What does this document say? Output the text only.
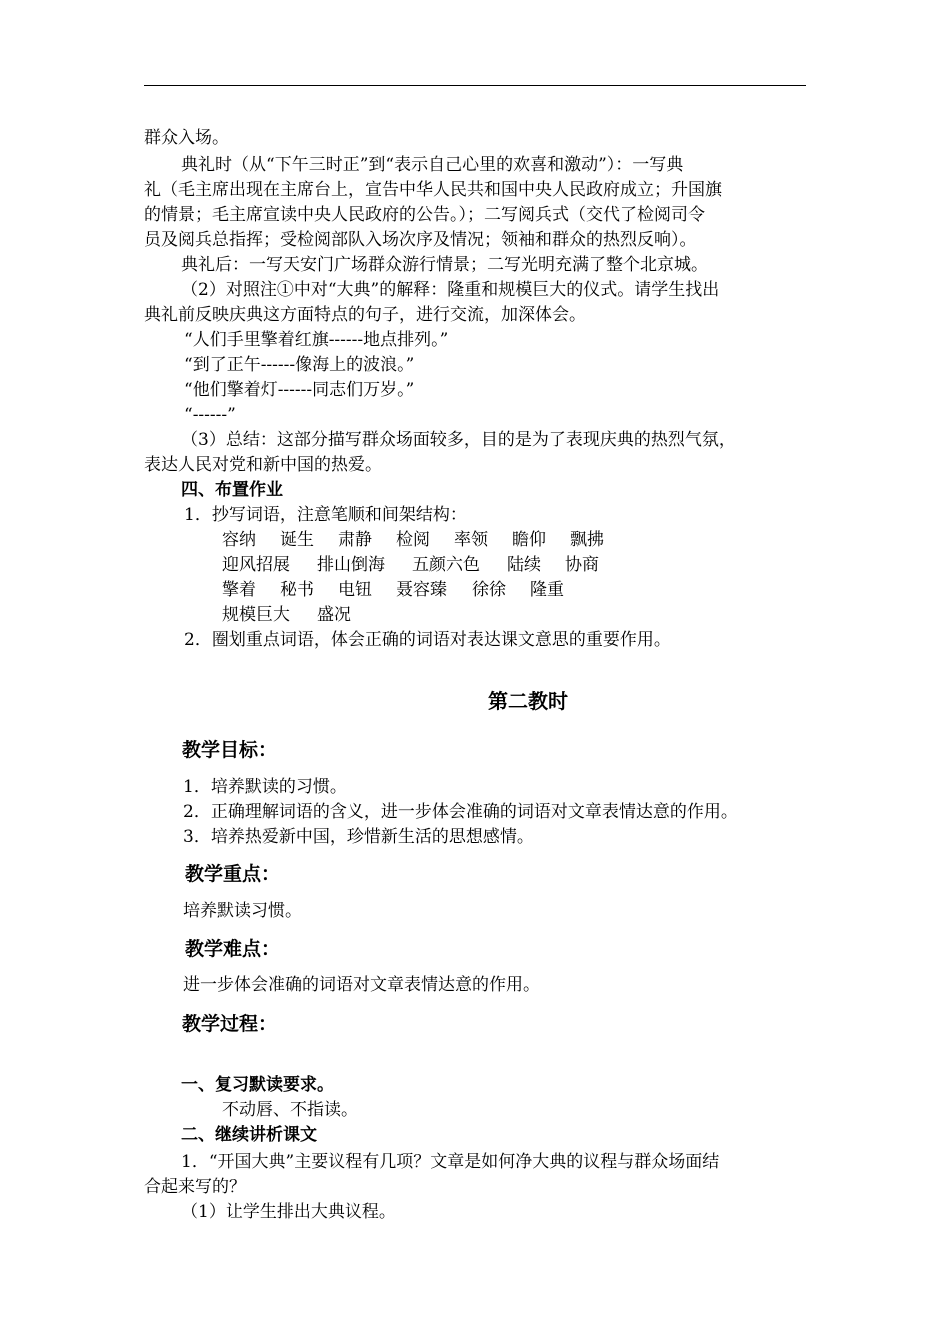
群众入场。
典礼时（从“下午三时正”到“表示自己心里的欢喜和激动”）：一写典
礼（毛主席出现在主席台上，宣告中华人民共和国中央人民政府成立；升国旗
的情景；毛主席宣读中央人民政府的公告。）；二写阅兵式（交代了检阅司令
员及阅兵总指挥；受检阅部队入场次序及情况；领袖和群众的热烈反响）。
典礼后：一写天安门广场群众游行情景；二写光明充满了整个北京城。
（2）对照注①中对“大典”的解释：隆重和规模巨大的仪式。请学生找出
典礼前反映庆典这方面特点的句子，进行交流，加深体会。
“人们手里擎着红旗------地点排列。”
“到了正午------像海上的波浪。”
“他们擎着灯------同志们万岁。”
“------”
（3）总结：这部分描写群众场面较多，目的是为了表现庆典的热烈气氛，
表达人民对党和新中国的热爱。
四、布置作业
1．抄写词语，注意笔顺和间架结构：
容纳 诞生 肃静 检阅 率领 瞻仰 飘拂
迎风招展 排山倒海 五颜六色 陆续 协商
擎着 秘书 电钮 聂容臻 徐徐 隆重
规模巨大 盛况
2．圈划重点词语，体会正确的词语对表达课文意思的重要作用。
第二教时
教学目标：
1．培养默读的习惯。
2．正确理解词语的含义，进一步体会准确的词语对文章表情达意的作用。
3．培养热爱新中国，珍惜新生活的思想感情。
教学重点：
培养默读习惯。
教学难点：
进一步体会准确的词语对文章表情达意的作用。
教学过程：
一、复习默读要求。
不动唇、不指读。
二、继续讲析课文
1．“开国大典”主要议程有几项？文章是如何净大典的议程与群众场面结
合起来写的？
（1）让学生排出大典议程。
